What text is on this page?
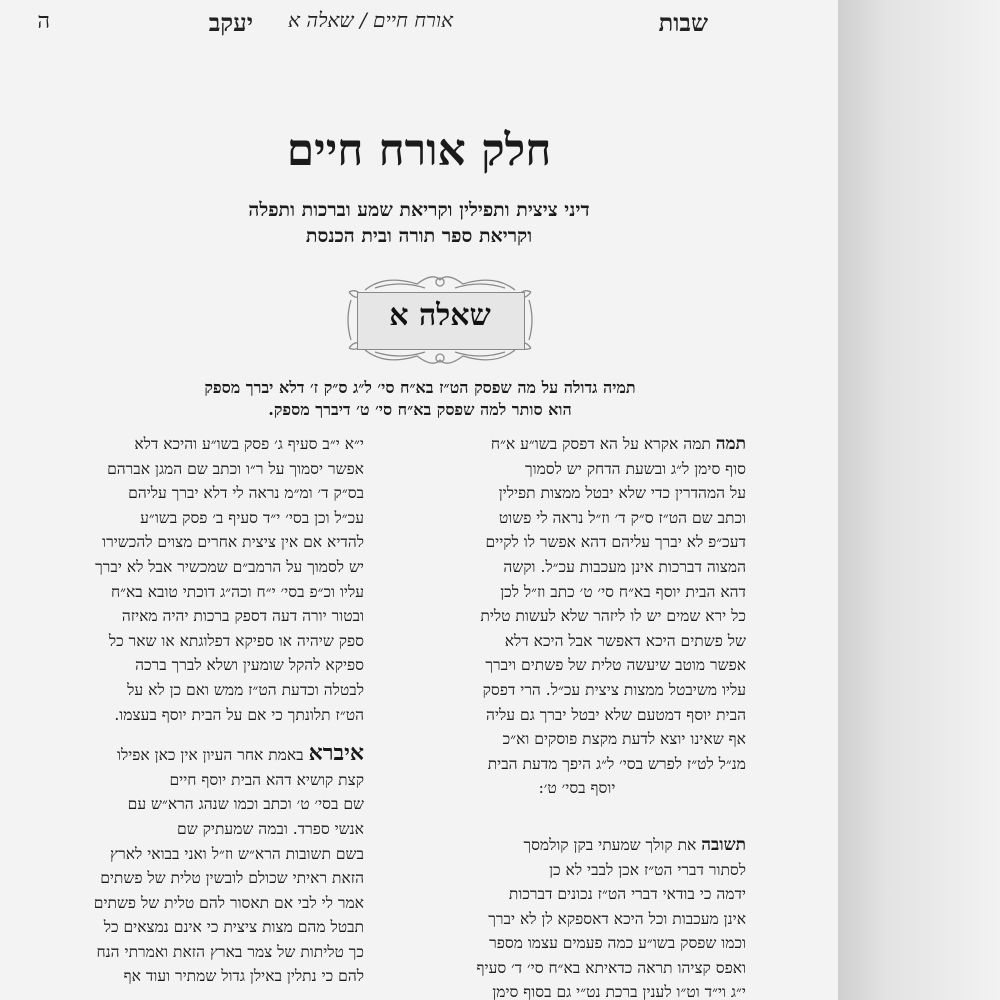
שבות
אורח חיים / שאלה א
יעקב
ה
חלק אורח חיים
דיני ציצית ותפילין וקריאת שמע וברכות ותפלה
וקריאת ספר תורה ובית הכנסת
שאלה א
תמיה גדולה על מה שפסק הט״ז בא״ח סי׳ ל״ג ס״ק ז׳ דלא יברך מספק
הוא סותר למה שפסק בא״ח סי׳ ט׳ דיברך מספק.
תמה תמה אקרא על הא דפסק בשו״ע א״ח
סוף סימן ל״ג ובשעת הדחק יש לסמוך
על המהדרין כדי שלא יבטל ממצות תפילין
וכתב שם הט״ז ס״ק ד׳ וז״ל נראה לי פשוט
דעכ״פ לא יברך עליהם דהא אפשר לו לקיים
המצוה דברכות אינן מעכבות עכ״ל. וקשה
דהא הבית יוסף בא״ח סי׳ ט׳ כתב וז״ל לכן
כל ירא שמים יש לו ליזהר שלא לעשות טלית
של פשתים היכא דאפשר אבל היכא דלא
אפשר מוטב שיעשה טלית של פשתים ויברך
עליו משיבטל ממצות ציצית עכ״ל. הרי דפסק
הבית יוסף דמטעם שלא יבטל יברך גם עליה
אף שאינו יוצא לדעת מקצת פוסקים וא״כ
מנ״ל לט״ז לפרש בסי׳ ל״ג היפך מדעת הבית
יוסף בסי׳ ט׳:
תשובה את קולך שמעתי בקן קולמסך
לסתור דברי הט״ז אכן לבבי לא כן
ידמה כי בודאי דברי הט״ז נכונים דברכות
אינן מעכבות וכל היכא דאספקא לן לא יברך
וכמו שפסק בשו״ע כמה פעמים עצמו מספר
ואפס קציהו תראה כדאיתא בא״ח סי׳ ד׳ סעיף
י״ג וי״ד וט״ו לענין ברכת נט״י גם בסוף סימן
י״א י״ב סעיף ג׳ פסק בשו״ע והיכא דלא
אפשר יסמוך על ר״ו וכתב שם המגן אברהם
בס״ק ד׳ ומ״מ נראה לי דלא יברך עליהם
עכ״ל וכן בסי׳ י״ד סעיף ב׳ פסק בשו״ע
להדיא אם אין ציצית אחרים מצוים להכשירו
יש לסמוך על הרמב״ם שמכשיר אבל לא יברך
עליו וכ״פ בסי׳ י״ח וכה״ג דוכתי טובא בא״ח
ובטור יורה דעה דספק ברכות יהיה מאיזה
ספק שיהיה או ספיקא דפלוגתא או שאר כל
ספיקא להקל שומעין ושלא לברך ברכה
לבטלה וכדעת הט״ז ממש ואם כן לא על
הט״ז תלונתך כי אם על הבית יוסף בעצמו.
איברא באמת אחר העיון אין כאן אפילו
קצת קושיא דהא הבית יוסף חיים
שם בסי׳ ט׳ וכתב וכמו שנהג הרא״ש עם
אנשי ספרד. ובמה שמעתיק שם
בשם תשובות הרא״ש וז״ל ואני בבואי לארץ
הזאת ראיתי שכולם לובשין טלית של פשתים
אמר לי לבי אם תאסור להם טלית של פשתים
תבטל מהם מצות ציצית כי אינם נמצאים כל
כך טליתות של צמר בארץ הזאת ואמרתי הנח
להם כי נתלין באילן גדול שמתיר ועוד אף
